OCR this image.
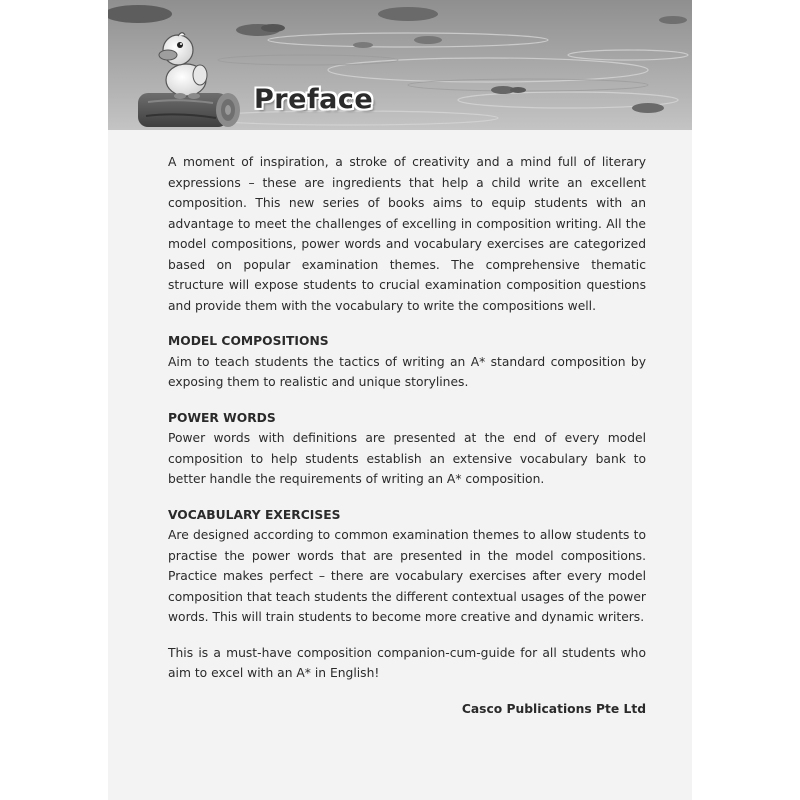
Preface

A moment of inspiration, a stroke of creativity and a mind full of literary expressions – these are ingredients that help a child write an excellent composition. This new series of books aims to equip students with an advantage to meet the challenges of excelling in composition writing. All the model compositions, power words and vocabulary exercises are categorized based on popular examination themes. The comprehensive thematic structure will expose students to crucial examination composition questions and provide them with the vocabulary to write the compositions well.

MODEL COMPOSITIONS

Aim to teach students the tactics of writing an A* standard composition by exposing them to realistic and unique storylines.

POWER WORDS

Power words with definitions are presented at the end of every model composition to help students establish an extensive vocabulary bank to better handle the requirements of writing an A* composition.

VOCABULARY EXERCISES

Are designed according to common examination themes to allow students to practise the power words that are presented in the model compositions. Practice makes perfect – there are vocabulary exercises after every model composition that teach students the different contextual usages of the power words. This will train students to become more creative and dynamic writers.

This is a must-have composition companion-cum-guide for all students who aim to excel with an A* in English!

Casco Publications Pte Ltd
